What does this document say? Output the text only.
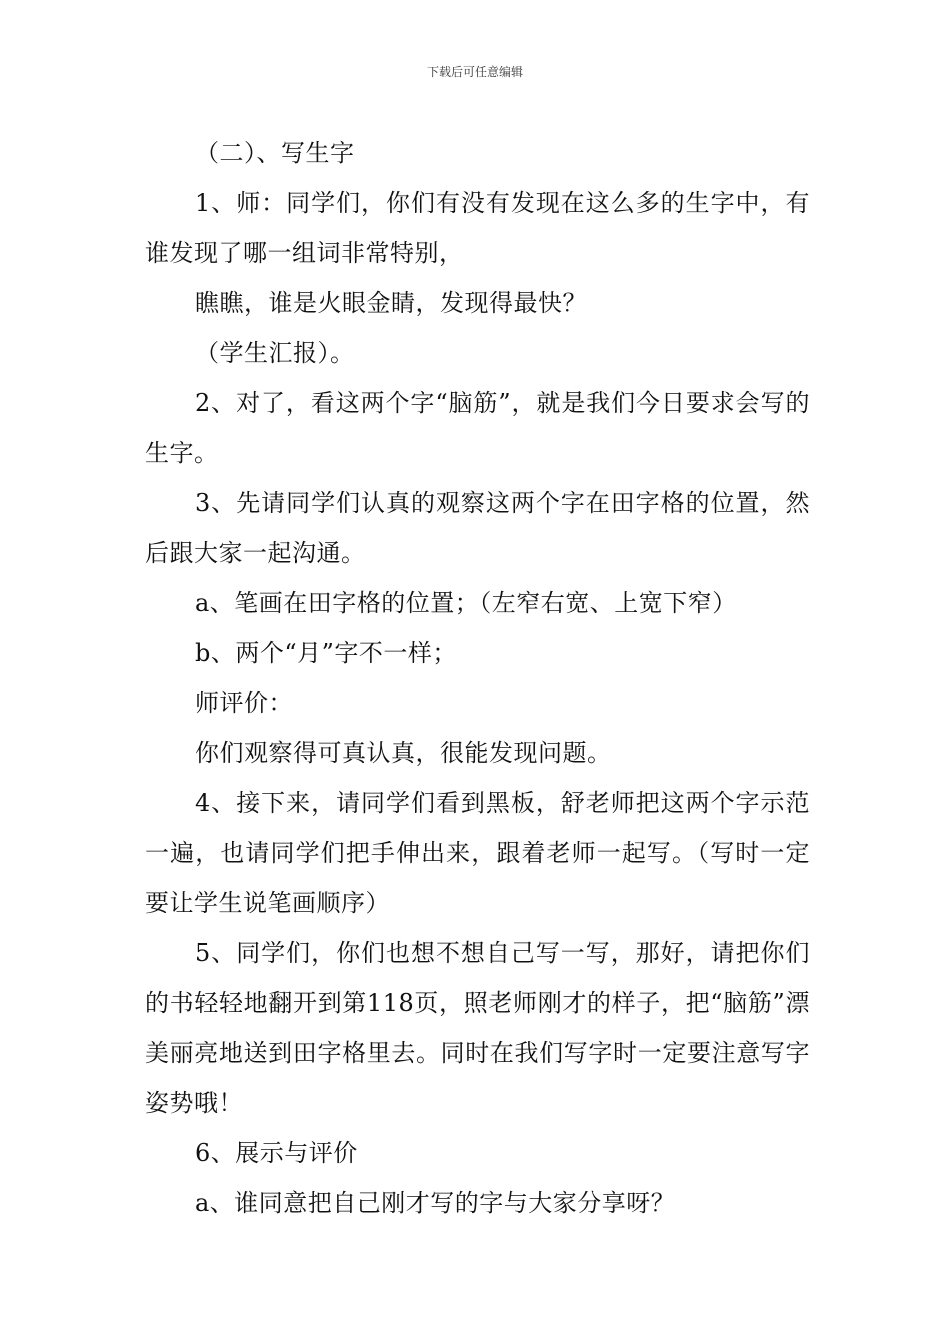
下载后可任意编辑

（二）、写生字

1、师：同学们，你们有没有发现在这么多的生字中，有谁发现了哪一组词非常特别，

瞧瞧，谁是火眼金睛，发现得最快？

（学生汇报）。

2、对了，看这两个字“脑筋”，就是我们今日要求会写的生字。

3、先请同学们认真的观察这两个字在田字格的位置，然后跟大家一起沟通。

a、笔画在田字格的位置；（左窄右宽、上宽下窄）

b、两个“月”字不一样；

师评价：

你们观察得可真认真，很能发现问题。

4、接下来，请同学们看到黑板，舒老师把这两个字示范一遍，也请同学们把手伸出来，跟着老师一起写。（写时一定要让学生说笔画顺序）

5、同学们，你们也想不想自己写一写，那好，请把你们的书轻轻地翻开到第118页，照老师刚才的样子，把“脑筋”漂美丽亮地送到田字格里去。同时在我们写字时一定要注意写字姿势哦！

6、展示与评价

a、谁同意把自己刚才写的字与大家分享呀？
